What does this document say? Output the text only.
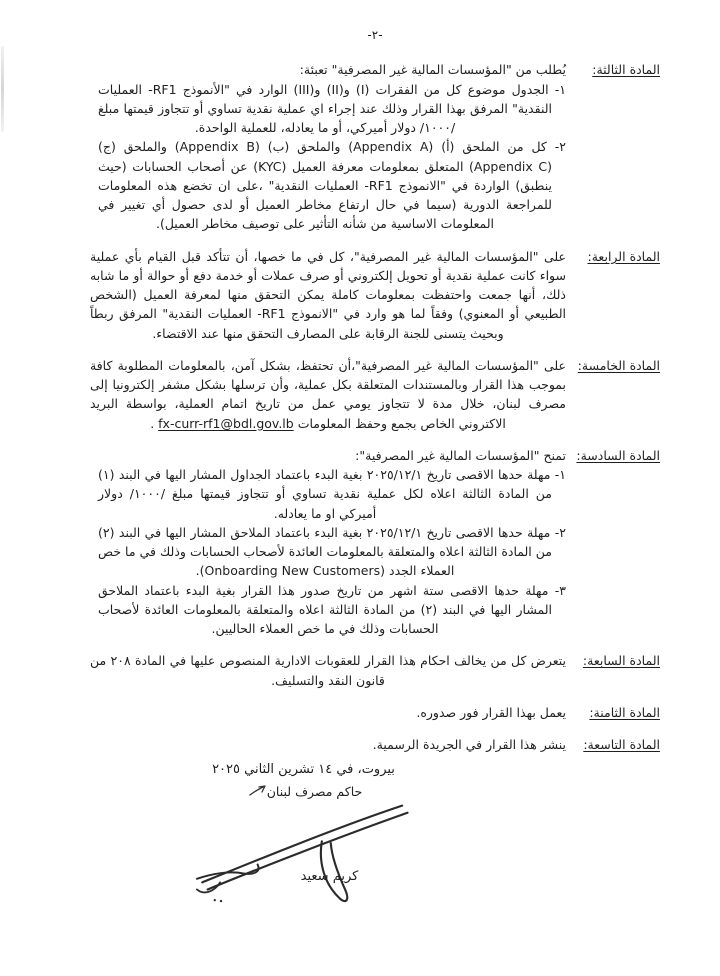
-٢-
المادة الثالثة:

يُطلب من "المؤسسات المالية غير المصرفية" تعبئة:

١- الجدول موضوع كل من الفقرات (I) و(II) و(III) الوارد في "الأنموذج RF1- العمليات النقدية" المرفق بهذا القرار وذلك عند إجراء اي عملية نقدية تساوي أو تتجاوز قيمتها مبلغ /١٠٠٠/ دولار أميركي، أو ما يعادله، للعملية الواحدة.

٢- كل من الملحق (أ) (Appendix A) والملحق (ب) (Appendix B) والملحق (ج) (Appendix C) المتعلق بمعلومات معرفة العميل (KYC) عن أصحاب الحسابات (حيث ينطبق) الواردة في "الانموذج RF1- العمليات النقدية" ،على ان تخضع هذه المعلومات للمراجعة الدورية (سيما في حال ارتفاع مخاطر العميل أو لدى حصول أي تغيير في المعلومات الاساسية من شأنه التأثير على توصيف مخاطر العميل).

المادة الرابعة:

على "المؤسسات المالية غير المصرفية"، كل في ما خصها، أن تتأكد قبل القيام بأي عملية سواء كانت عملية نقدية أو تحويل إلكتروني أو صرف عملات أو خدمة دفع أو حوالة أو ما شابه ذلك، أنها جمعت واحتفظت بمعلومات كاملة يمكن التحقق منها لمعرفة العميل (الشخص الطبيعي أو المعنوي) وفقاً لما هو وارد في "الانموذج RF1- العمليات النقدية" المرفق ربطاً وبحيث يتسنى للجنة الرقابة على المصارف التحقق منها عند الاقتضاء.

المادة الخامسة:

على "المؤسسات المالية غير المصرفية"،أن تحتفظ، بشكل آمن، بالمعلومات المطلوبة كافة بموجب هذا القرار وبالمستندات المتعلقة بكل عملية، وأن ترسلها بشكل مشفر إلكترونيا إلى مصرف لبنان، خلال مدة لا تتجاوز يومي عمل من تاريخ اتمام العملية، بواسطة البريد الاكتروني الخاص بجمع وحفظ المعلومات fx-curr-rf1@bdl.gov.lb .

المادة السادسة:

تمنح "المؤسسات المالية غير المصرفية":

١- مهلة حدها الاقصى تاريخ ٢٠٢٥/١٢/١ بغية البدء باعتماد الجداول المشار اليها في البند (١) من المادة الثالثة اعلاه لكل عملية نقدية تساوي أو تتجاوز قيمتها مبلغ /١٠٠٠/ دولار أميركي او ما يعادله.

٢- مهلة حدها الاقصى تاريخ ٢٠٢٥/١٢/١ بغية البدء باعتماد الملاحق المشار اليها في البند (٢) من المادة الثالثة اعلاه والمتعلقة بالمعلومات العائدة لأصحاب الحسابات وذلك في ما خص العملاء الجدد (Onboarding New Customers).

٣- مهلة حدها الاقصى ستة اشهر من تاريخ صدور هذا القرار بغية البدء باعتماد الملاحق المشار اليها في البند (٢) من المادة الثالثة اعلاه والمتعلقة بالمعلومات العائدة لأصحاب الحسابات وذلك في ما خص العملاء الحاليين.

المادة السابعة:

يتعرض كل من يخالف احكام هذا القرار للعقوبات الادارية المنصوص عليها في المادة ٢٠٨ من قانون النقد والتسليف.

المادة الثامنة:

يعمل بهذا القرار فور صدوره.

المادة التاسعة:

ينشر هذا القرار في الجريدة الرسمية.

بيروت، في ١٤ تشرين الثاني ٢٠٢٥
حاكم مصرف لبنان
كريم سعيد
